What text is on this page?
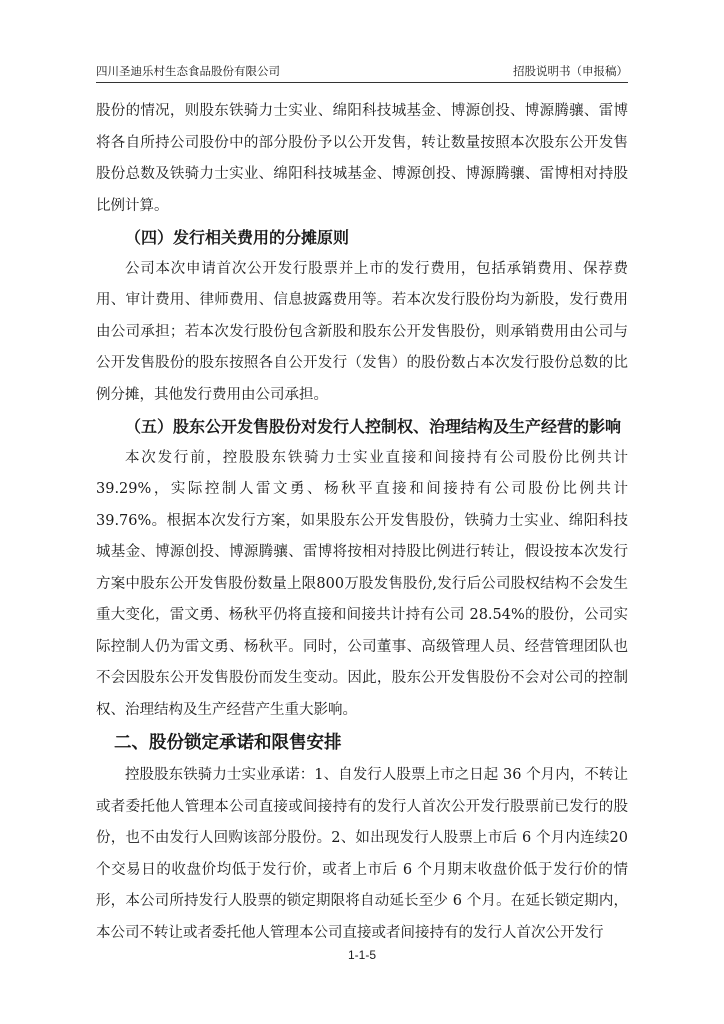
四川圣迪乐村生态食品股份有限公司	招股说明书（申报稿）

股份的情况，则股东铁骑力士实业、绵阳科技城基金、博源创投、博源腾骧、雷博将各自所持公司股份中的部分股份予以公开发售，转让数量按照本次股东公开发售股份总数及铁骑力士实业、绵阳科技城基金、博源创投、博源腾骧、雷博相对持股比例计算。

（四）发行相关费用的分摊原则

公司本次申请首次公开发行股票并上市的发行费用，包括承销费用、保荐费用、审计费用、律师费用、信息披露费用等。若本次发行股份均为新股，发行费用由公司承担；若本次发行股份包含新股和股东公开发售股份，则承销费用由公司与公开发售股份的股东按照各自公开发行（发售）的股份数占本次发行股份总数的比例分摊，其他发行费用由公司承担。

（五）股东公开发售股份对发行人控制权、治理结构及生产经营的影响

本次发行前，控股股东铁骑力士实业直接和间接持有公司股份比例共计39.29%，实际控制人雷文勇、杨秋平直接和间接持有公司股份比例共计 39.76%。根据本次发行方案，如果股东公开发售股份，铁骑力士实业、绵阳科技城基金、博源创投、博源腾骧、雷博将按相对持股比例进行转让，假设按本次发行方案中股东公开发售股份数量上限800万股发售股份,发行后公司股权结构不会发生重大变化，雷文勇、杨秋平仍将直接和间接共计持有公司 28.54%的股份，公司实际控制人仍为雷文勇、杨秋平。同时，公司董事、高级管理人员、经营管理团队也不会因股东公开发售股份而发生变动。因此，股东公开发售股份不会对公司的控制权、治理结构及生产经营产生重大影响。

二、股份锁定承诺和限售安排

控股股东铁骑力士实业承诺：1、自发行人股票上市之日起 36 个月内，不转让或者委托他人管理本公司直接或间接持有的发行人首次公开发行股票前已发行的股份，也不由发行人回购该部分股份。2、如出现发行人股票上市后 6 个月内连续20 个交易日的收盘价均低于发行价，或者上市后 6 个月期末收盘价低于发行价的情形，本公司所持发行人股票的锁定期限将自动延长至少 6 个月。在延长锁定期内，本公司不转让或者委托他人管理本公司直接或者间接持有的发行人首次公开发行

1-1-5
